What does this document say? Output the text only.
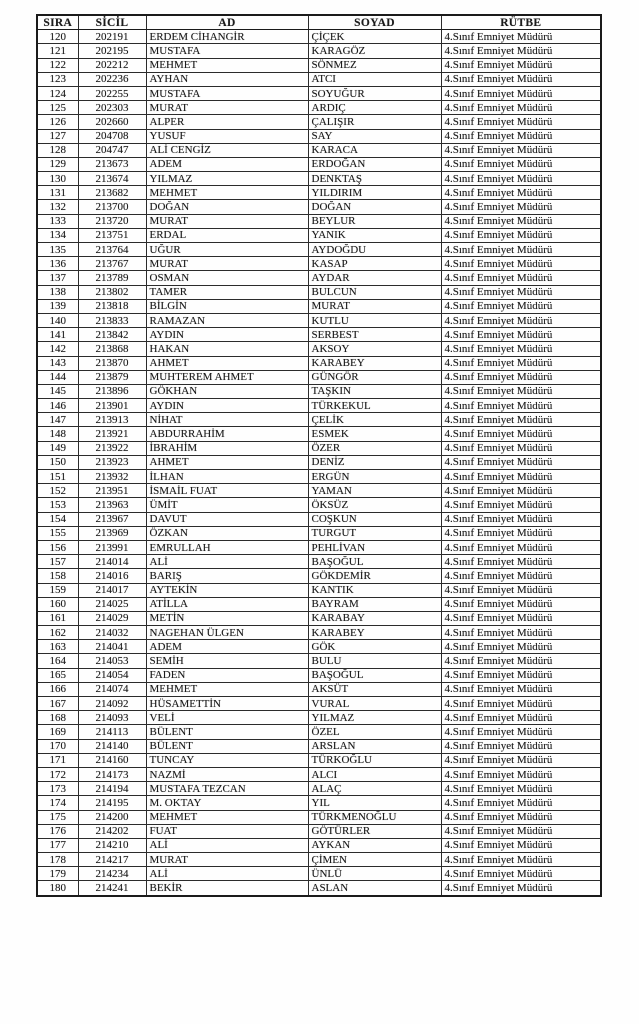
SIRA	SİCİL	AD	SOYAD	RÜTBE
120	202191	ERDEM CİHANGİR	ÇİÇEK	4.Sınıf Emniyet Müdürü
121	202195	MUSTAFA	KARAGÖZ	4.Sınıf Emniyet Müdürü
122	202212	MEHMET	SÖNMEZ	4.Sınıf Emniyet Müdürü
123	202236	AYHAN	ATCI	4.Sınıf Emniyet Müdürü
124	202255	MUSTAFA	SOYUĞUR	4.Sınıf Emniyet Müdürü
125	202303	MURAT	ARDIÇ	4.Sınıf Emniyet Müdürü
126	202660	ALPER	ÇALIŞIR	4.Sınıf Emniyet Müdürü
127	204708	YUSUF	SAY	4.Sınıf Emniyet Müdürü
128	204747	ALİ CENGİZ	KARACA	4.Sınıf Emniyet Müdürü
129	213673	ADEM	ERDOĞAN	4.Sınıf Emniyet Müdürü
130	213674	YILMAZ	DENKTAŞ	4.Sınıf Emniyet Müdürü
131	213682	MEHMET	YILDIRIM	4.Sınıf Emniyet Müdürü
132	213700	DOĞAN	DOĞAN	4.Sınıf Emniyet Müdürü
133	213720	MURAT	BEYLUR	4.Sınıf Emniyet Müdürü
134	213751	ERDAL	YANIK	4.Sınıf Emniyet Müdürü
135	213764	UĞUR	AYDOĞDU	4.Sınıf Emniyet Müdürü
136	213767	MURAT	KASAP	4.Sınıf Emniyet Müdürü
137	213789	OSMAN	AYDAR	4.Sınıf Emniyet Müdürü
138	213802	TAMER	BULCUN	4.Sınıf Emniyet Müdürü
139	213818	BİLGİN	MURAT	4.Sınıf Emniyet Müdürü
140	213833	RAMAZAN	KUTLU	4.Sınıf Emniyet Müdürü
141	213842	AYDIN	SERBEST	4.Sınıf Emniyet Müdürü
142	213868	HAKAN	AKSOY	4.Sınıf Emniyet Müdürü
143	213870	AHMET	KARABEY	4.Sınıf Emniyet Müdürü
144	213879	MUHTEREM AHMET	GÜNGÖR	4.Sınıf Emniyet Müdürü
145	213896	GÖKHAN	TAŞKIN	4.Sınıf Emniyet Müdürü
146	213901	AYDIN	TÜRKEKUL	4.Sınıf Emniyet Müdürü
147	213913	NİHAT	ÇELİK	4.Sınıf Emniyet Müdürü
148	213921	ABDURRAHİM	ESMEK	4.Sınıf Emniyet Müdürü
149	213922	İBRAHİM	ÖZER	4.Sınıf Emniyet Müdürü
150	213923	AHMET	DENİZ	4.Sınıf Emniyet Müdürü
151	213932	İLHAN	ERGÜN	4.Sınıf Emniyet Müdürü
152	213951	İSMAİL FUAT	YAMAN	4.Sınıf Emniyet Müdürü
153	213963	ÜMİT	ÖKSÜZ	4.Sınıf Emniyet Müdürü
154	213967	DAVUT	COŞKUN	4.Sınıf Emniyet Müdürü
155	213969	ÖZKAN	TURGUT	4.Sınıf Emniyet Müdürü
156	213991	EMRULLAH	PEHLİVAN	4.Sınıf Emniyet Müdürü
157	214014	ALİ	BAŞOĞUL	4.Sınıf Emniyet Müdürü
158	214016	BARIŞ	GÖKDEMİR	4.Sınıf Emniyet Müdürü
159	214017	AYTEKİN	KANTIK	4.Sınıf Emniyet Müdürü
160	214025	ATİLLA	BAYRAM	4.Sınıf Emniyet Müdürü
161	214029	METİN	KARABAY	4.Sınıf Emniyet Müdürü
162	214032	NAGEHAN ÜLGEN	KARABEY	4.Sınıf Emniyet Müdürü
163	214041	ADEM	GÖK	4.Sınıf Emniyet Müdürü
164	214053	SEMİH	BULU	4.Sınıf Emniyet Müdürü
165	214054	FADEN	BAŞOĞUL	4.Sınıf Emniyet Müdürü
166	214074	MEHMET	AKSÜT	4.Sınıf Emniyet Müdürü
167	214092	HÜSAMETTİN	VURAL	4.Sınıf Emniyet Müdürü
168	214093	VELİ	YILMAZ	4.Sınıf Emniyet Müdürü
169	214113	BÜLENT	ÖZEL	4.Sınıf Emniyet Müdürü
170	214140	BÜLENT	ARSLAN	4.Sınıf Emniyet Müdürü
171	214160	TUNCAY	TÜRKOĞLU	4.Sınıf Emniyet Müdürü
172	214173	NAZMİ	ALCI	4.Sınıf Emniyet Müdürü
173	214194	MUSTAFA TEZCAN	ALAÇ	4.Sınıf Emniyet Müdürü
174	214195	M. OKTAY	YIL	4.Sınıf Emniyet Müdürü
175	214200	MEHMET	TÜRKMENOĞLU	4.Sınıf Emniyet Müdürü
176	214202	FUAT	GÖTÜRLER	4.Sınıf Emniyet Müdürü
177	214210	ALİ	AYKAN	4.Sınıf Emniyet Müdürü
178	214217	MURAT	ÇİMEN	4.Sınıf Emniyet Müdürü
179	214234	ALİ	ÜNLÜ	4.Sınıf Emniyet Müdürü
180	214241	BEKİR	ASLAN	4.Sınıf Emniyet Müdürü
